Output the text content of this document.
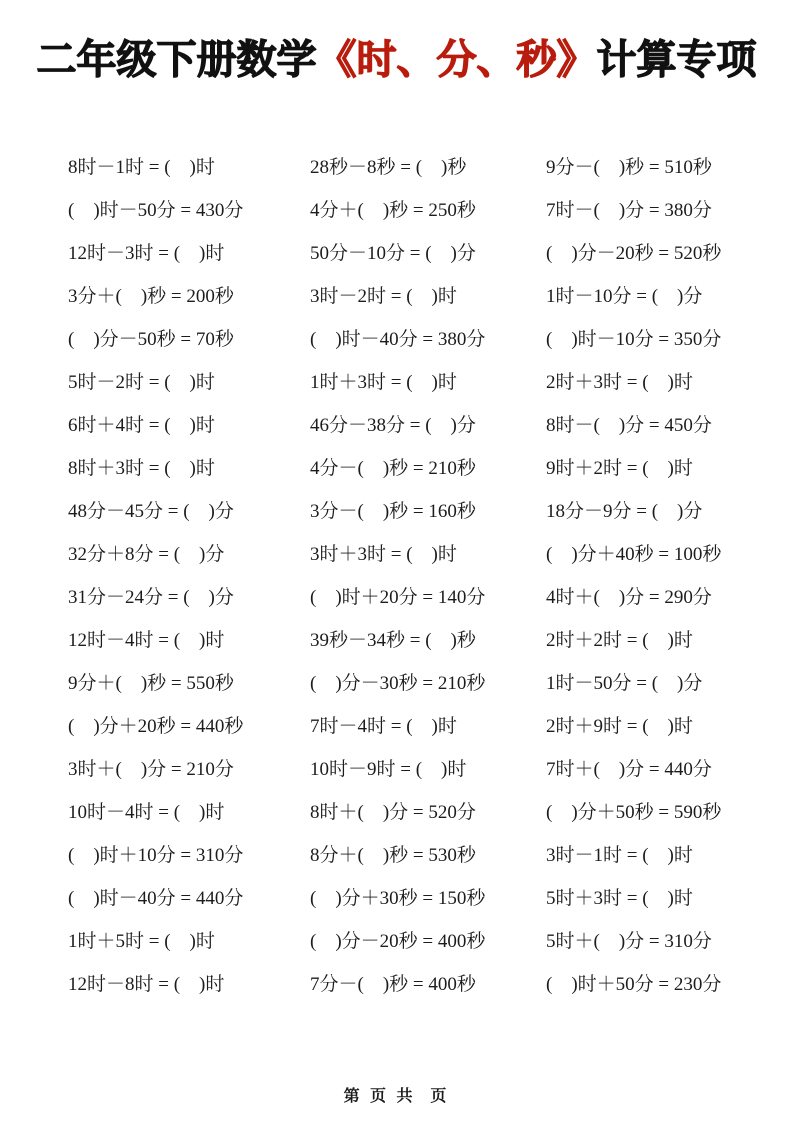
二年级下册数学《时、分、秒》计算专项
8时－1时 = (　)时
(　)时－50分 = 430分
12时－3时 = (　)时
3分＋(　)秒 = 200秒
(　)分－50秒 = 70秒
5时－2时 = (　)时
6时＋4时 = (　)时
8时＋3时 = (　)时
48分－45分 = (　)分
32分＋8分 = (　)分
31分－24分 = (　)分
12时－4时 = (　)时
9分＋(　)秒 = 550秒
(　)分＋20秒 = 440秒
3时＋(　)分 = 210分
10时－4时 = (　)时
(　)时＋10分 = 310分
(　)时－40分 = 440分
1时＋5时 = (　)时
12时－8时 = (　)时
28秒－8秒 = (　)秒
4分＋(　)秒 = 250秒
50分－10分 = (　)分
3时－2时 = (　)时
(　)时－40分 = 380分
1时＋3时 = (　)时
46分－38分 = (　)分
4分－(　)秒 = 210秒
3分－(　)秒 = 160秒
3时＋3时 = (　)时
(　)时＋20分 = 140分
39秒－34秒 = (　)秒
(　)分－30秒 = 210秒
7时－4时 = (　)时
10时－9时 = (　)时
8时＋(　)分 = 520分
8分＋(　)秒 = 530秒
(　)分＋30秒 = 150秒
(　)分－20秒 = 400秒
7分－(　)秒 = 400秒
9分－(　)秒 = 510秒
7时－(　)分 = 380分
(　)分－20秒 = 520秒
1时－10分 = (　)分
(　)时－10分 = 350分
2时＋3时 = (　)时
8时－(　)分 = 450分
9时＋2时 = (　)时
18分－9分 = (　)分
(　)分＋40秒 = 100秒
4时＋(　)分 = 290分
2时＋2时 = (　)时
1时－50分 = (　)分
2时＋9时 = (　)时
7时＋(　)分 = 440分
(　)分＋50秒 = 590秒
3时－1时 = (　)时
5时＋3时 = (　)时
5时＋(　)分 = 310分
(　)时＋50分 = 230分
第 页 共  页
